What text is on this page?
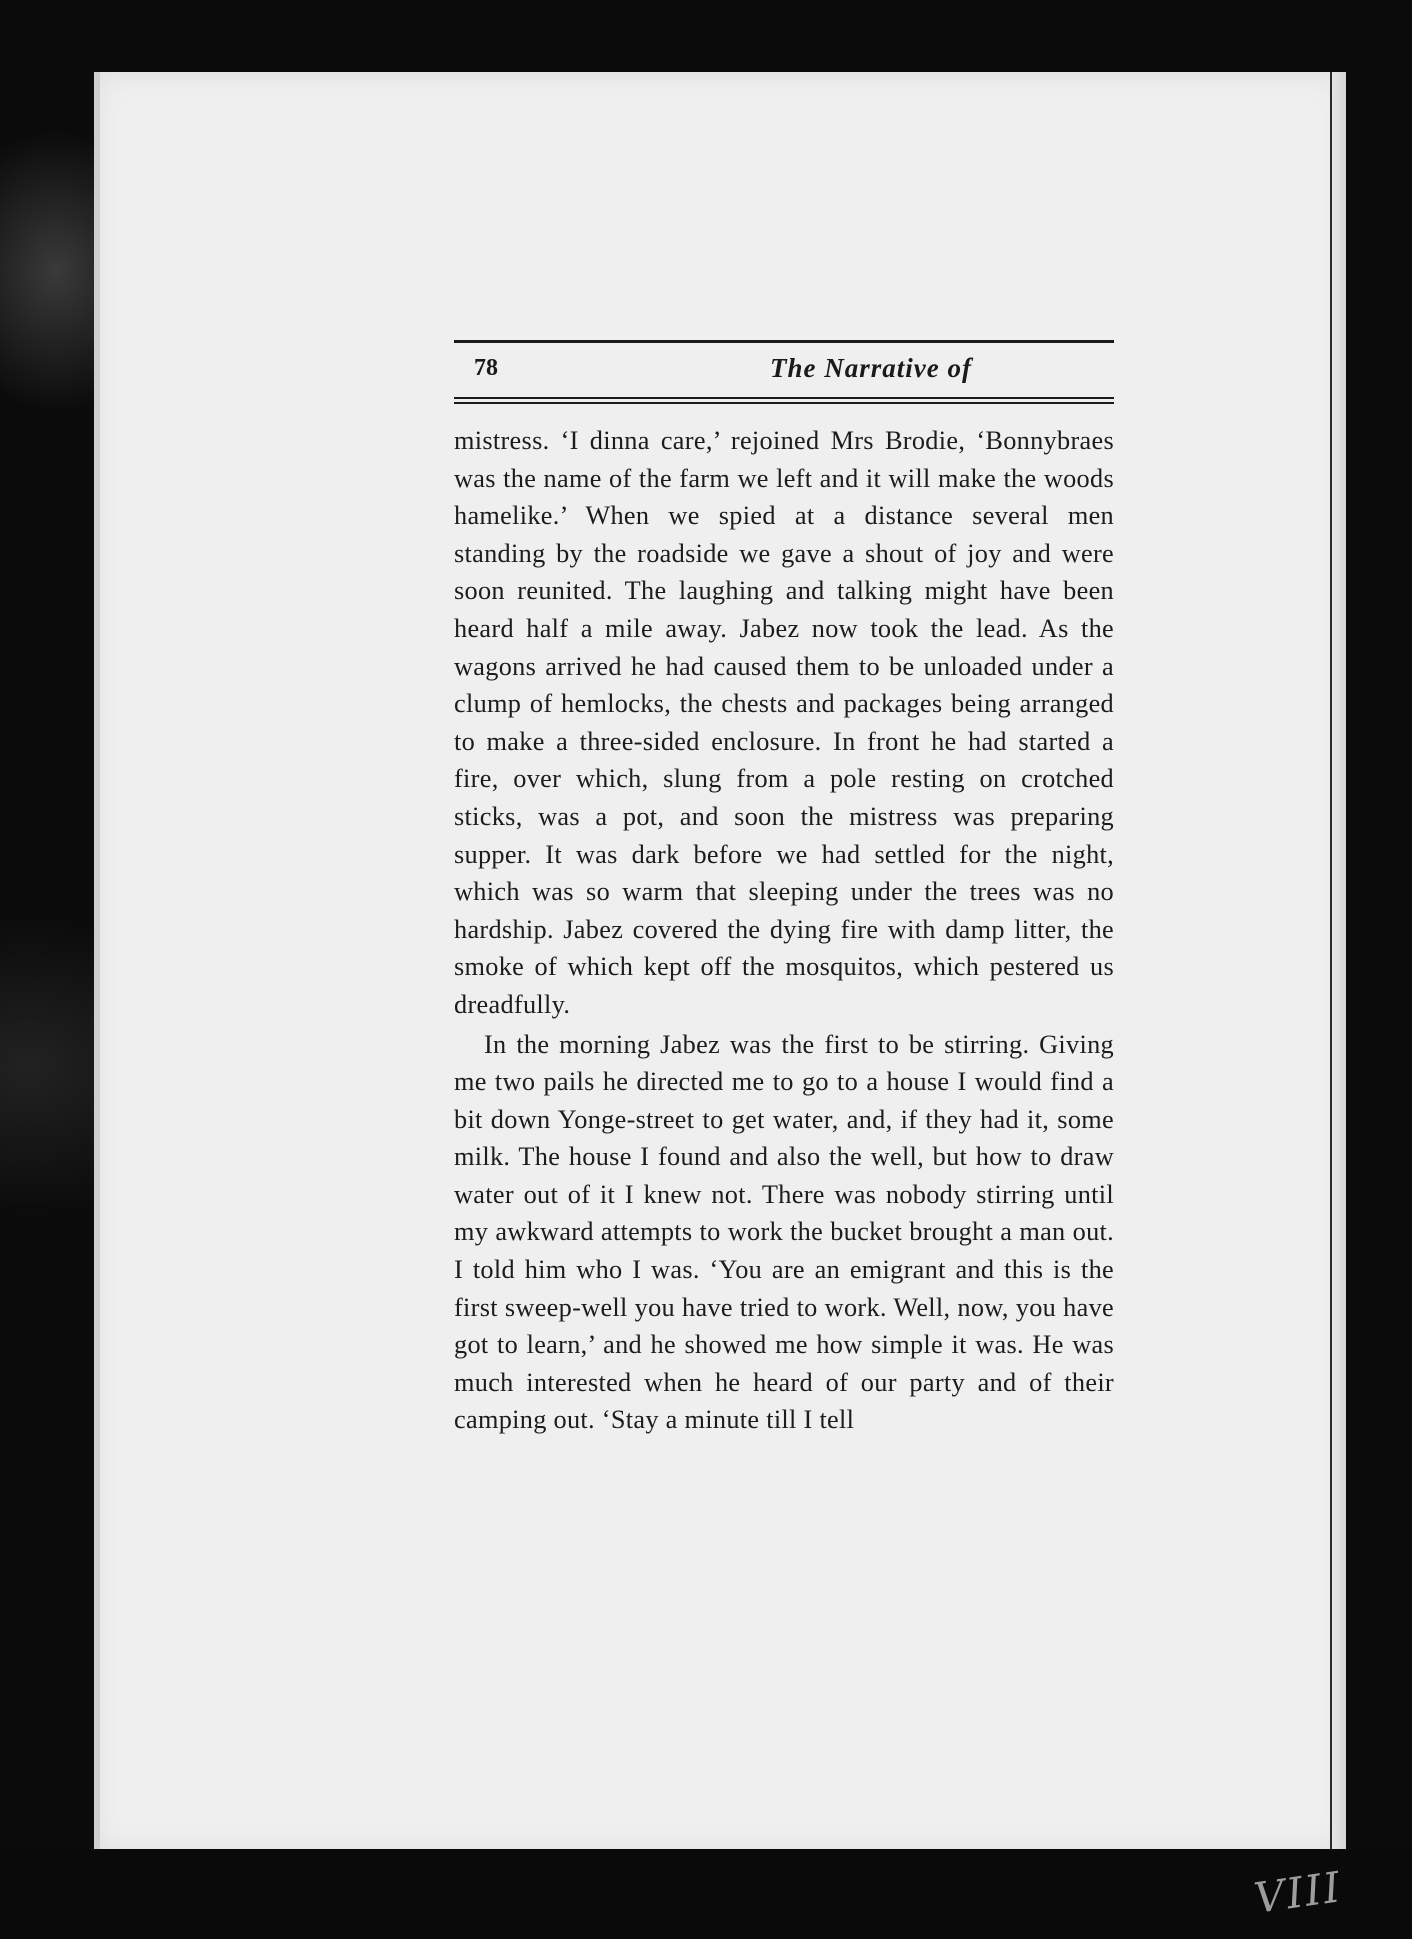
78	The Narrative of

mistress. ‘I dinna care,’ rejoined Mrs Brodie, ‘Bonnybraes was the name of the farm we left and it will make the woods hamelike.’ When we spied at a distance several men standing by the roadside we gave a shout of joy and were soon reunited. The laughing and talking might have been heard half a mile away. Jabez now took the lead. As the wagons arrived he had caused them to be unloaded under a clump of hemlocks, the chests and packages being arranged to make a three-sided enclosure. In front he had started a fire, over which, slung from a pole resting on crotched sticks, was a pot, and soon the mistress was preparing supper. It was dark before we had settled for the night, which was so warm that sleeping under the trees was no hardship. Jabez covered the dying fire with damp litter, the smoke of which kept off the mosquitos, which pestered us dreadfully.

In the morning Jabez was the first to be stirring. Giving me two pails he directed me to go to a house I would find a bit down Yonge-street to get water, and, if they had it, some milk. The house I found and also the well, but how to draw water out of it I knew not. There was nobody stirring until my awkward attempts to work the bucket brought a man out. I told him who I was. ‘You are an emigrant and this is the first sweep-well you have tried to work. Well, now, you have got to learn,’ and he showed me how simple it was. He was much interested when he heard of our party and of their camping out. ‘Stay a minute till I tell

VIII
